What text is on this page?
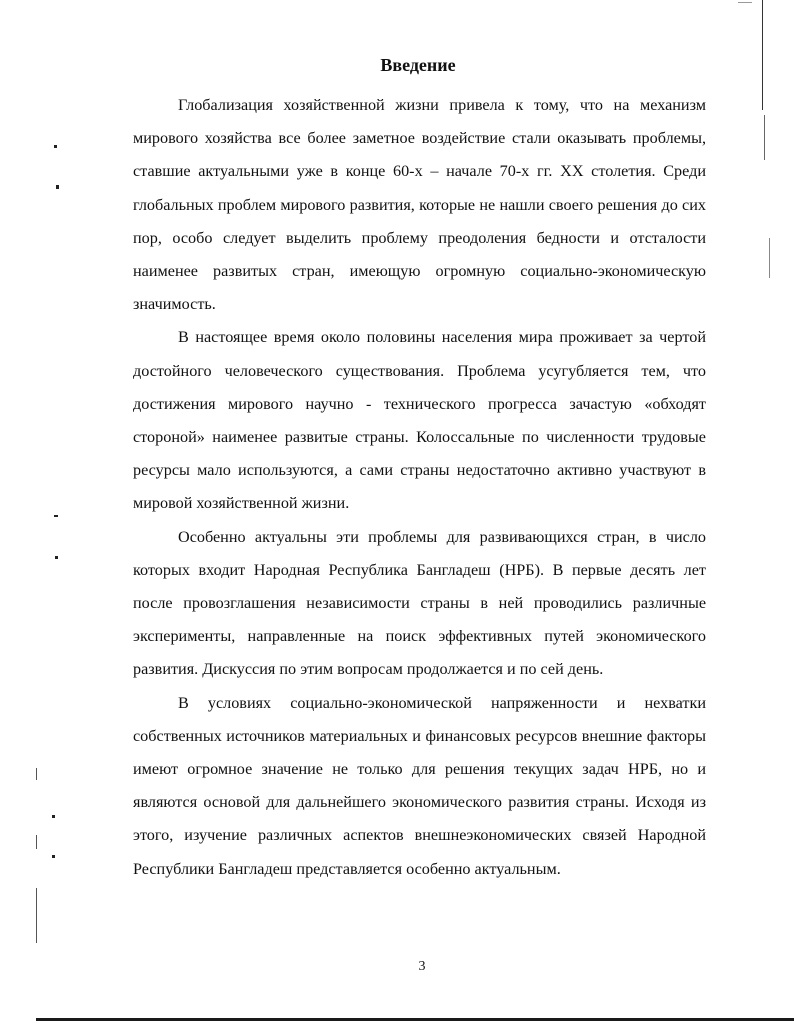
Введение

Глобализация хозяйственной жизни привела к тому, что на механизм мирового хозяйства все более заметное воздействие стали оказывать проблемы, ставшие актуальными уже в конце 60-х – начале 70-х гг. XX столетия. Среди глобальных проблем мирового развития, которые не нашли своего решения до сих пор, особо следует выделить проблему преодоления бедности и отсталости наименее развитых стран, имеющую огромную социально-экономическую значимость.

В настоящее время около половины населения мира проживает за чертой достойного человеческого существования. Проблема усугубляется тем, что достижения мирового научно - технического прогресса зачастую «обходят стороной» наименее развитые страны. Колоссальные по численности трудовые ресурсы мало используются, а сами страны недостаточно активно участвуют в мировой хозяйственной жизни.

Особенно актуальны эти проблемы для развивающихся стран, в число которых входит Народная Республика Бангладеш (НРБ). В первые десять лет после провозглашения независимости страны в ней проводились различные эксперименты, направленные на поиск эффективных путей экономического развития. Дискуссия по этим вопросам продолжается и по сей день.

В условиях социально-экономической напряженности и нехватки собственных источников материальных и финансовых ресурсов внешние факторы имеют огромное значение не только для решения текущих задач НРБ, но и являются основой для дальнейшего экономического развития страны. Исходя из этого, изучение различных аспектов внешнеэкономических связей Народной Республики Бангладеш представляется особенно актуальным.

3
